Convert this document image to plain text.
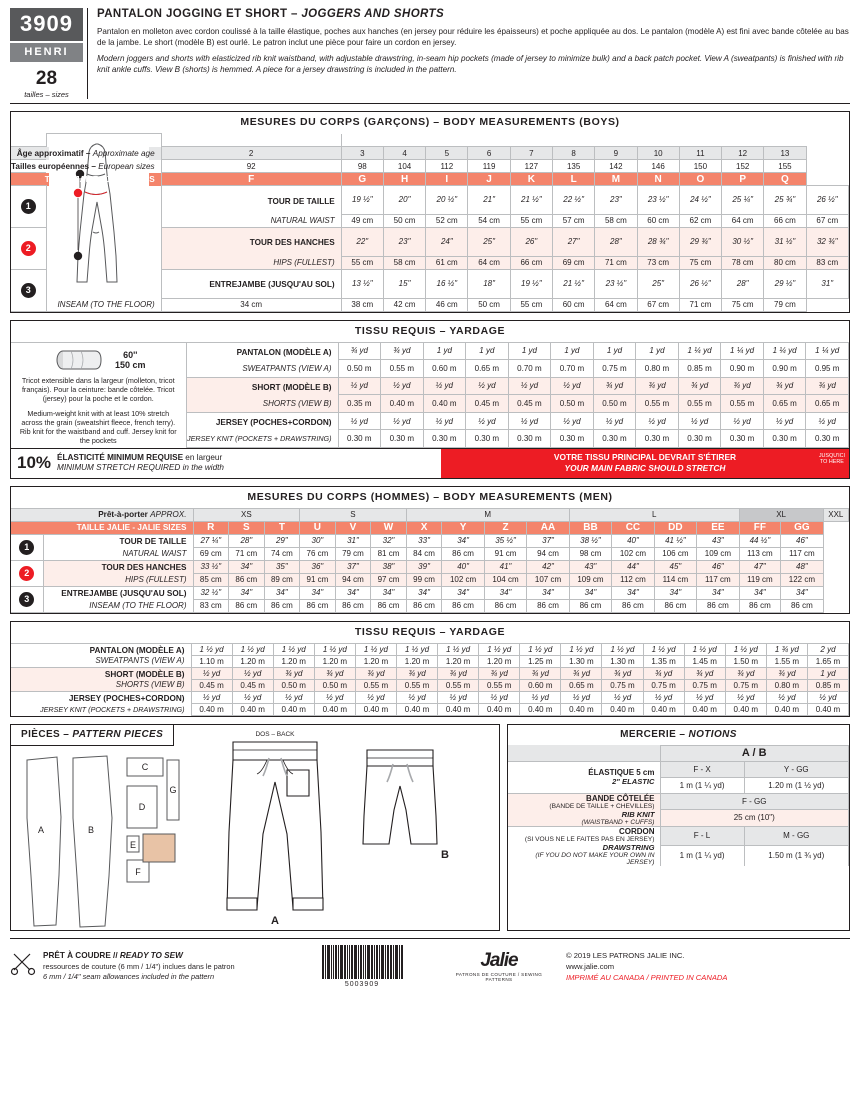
3909
HENRI
28
tailles – sizes
PANTALON JOGGING ET SHORT – JOGGERS AND SHORTS
Pantalon en molleton avec cordon coulissé à la taille élastique, poches aux hanches (en jersey pour réduire les épaisseurs) et poche appliquée au dos. Le pantalon (modèle A) est fini avec bande côtelée au bas de la jambe. Le short (modèle B) est ourlé. Le patron inclut une pièce pour faire un cordon en jersey.
Modern joggers and shorts with elasticized rib knit waistband, with adjustable drawstring, in-seam hip pockets (made of jersey to minimize bulk) and a back patch pocket. View A (sweatpants) is finished with rib knit ankle cuffs. View B (shorts) is hemmed. A piece for a jersey drawstring is included in the pattern.
MESURES DU CORPS (GARÇONS) – BODY MEASUREMENTS (BOYS)

Âge approximatif – Approximate age		2	3	4	5	6	7	8	9	10	11	12	13	
Tailles européennes – European sizes		92	98	104	112	119	127	135	142	146	150	152	155	
TAILLE JALIE - JALIE SIZES		F	G	H	I	J	K	L	M	N	O	P	Q	
1		TOUR DE TAILLE	19 ½"	20"	20 ½"	21"	21 ½"	22 ½"	23"	23 ½"	24 ½"	25 ¼"	25 ¾"	26 ½"

		NATURAL WAIST	49 cm	50 cm	52 cm	54 cm	55 cm	57 cm	58 cm	60 cm	62 cm	64 cm	66 cm	67 cm
2		TOUR DES HANCHES	22"	23"	24"	25"	26"	27"	28"	28 ¾"	29 ¾"	30 ½"	31 ½"	32 ¾"

		HIPS (FULLEST)	55 cm	58 cm	61 cm	64 cm	66 cm	69 cm	71 cm	73 cm	75 cm	78 cm	80 cm	83 cm
3		ENTREJAMBE (JUSQU'AU SOL)	13 ½"	15"	16 ½"	18"	19 ½"	21 ½"	23 ½"	25"	26 ½"	28"	29 ½"	31"

	INSEAM (TO THE FLOOR)	34 cm	38 cm	42 cm	46 cm	50 cm	55 cm	60 cm	64 cm	67 cm	71 cm	75 cm	79 cm	
TISSU REQUIS – YARDAGE
60''
150 cm
Tricot extensible dans la largeur (molleton, tricot français). Pour la ceinture: bande côtelée. Tricot (jersey) pour la poche et le cordon.
Medium-weight knit with at least 10% stretch across the grain (sweatshirt fleece, french terry). Rib knit for the waistband and cuff. Jersey knit for the pockets	PANTALON (MODÈLE A)	¾ yd	¾ yd	1 yd	1 yd	1 yd	1 yd	1 yd	1 yd	1 ¼ yd	1 ¼ yd	1 ¼ yd	1 ¼ yd

	SWEATPANTS (VIEW A)	0.50 m	0.55 m	0.60 m	0.65 m	0.70 m	0.70 m	0.75 m	0.80 m	0.85 m	0.90 m	0.90 m	0.95 m
	SHORT (MODÈLE B)	½ yd	½ yd	½ yd	½ yd	½ yd	½ yd	¾ yd	¾ yd	¾ yd	¾ yd	¾ yd	¾ yd

	SHORTS (VIEW B)	0.35 m	0.40 m	0.40 m	0.45 m	0.45 m	0.50 m	0.50 m	0.55 m	0.55 m	0.55 m	0.65 m	0.65 m
	JERSEY (POCHES+CORDON)	½ yd	½ yd	½ yd	½ yd	½ yd	½ yd	½ yd	½ yd	½ yd	½ yd	½ yd	½ yd

	JERSEY KNIT (POCKETS + DRAWSTRING)	0.30 m	0.30 m	0.30 m	0.30 m	0.30 m	0.30 m	0.30 m	0.30 m	0.30 m	0.30 m	0.30 m	0.30 m
10% ÉLASTICITÉ MINIMUM REQUISE en largeur
MINIMUM STRETCH REQUIRED in the width
VOTRE TISSU PRINCIPAL DEVRAIT S'ÉTIRER
YOUR MAIN FABRIC SHOULD STRETCH
JUSQU'ICI
TO HERE
MESURES DU CORPS (HOMMES) – BODY MEASUREMENTS (MEN)
Prêt-à-porter APPROX.		XS			S			M				L				XL		XXL
TAILLE JALIE - JALIE SIZES		R	S	T	U	V	W	X	Y	Z	AA	BB	CC	DD	EE	FF	GG	
1	TOUR DE TAILLE	27 ¼"	28"	29"	30"	31"	32"	33"	34"	35 ½"	37"	38 ½"	40"	41 ½"	43"	44 ½"	46"	

	NATURAL WAIST	69 cm	71 cm	74 cm	76 cm	79 cm	81 cm	84 cm	86 cm	91 cm	94 cm	98 cm	102 cm	106 cm	109 cm	113 cm	117 cm	
2	TOUR DES HANCHES	33 ½"	34"	35"	36"	37"	38"	39"	40"	41"	42"	43"	44"	45"	46"	47"	48"	

	HIPS (FULLEST)	85 cm	86 cm	89 cm	91 cm	94 cm	97 cm	99 cm	102 cm	104 cm	107 cm	109 cm	112 cm	114 cm	117 cm	119 cm	122 cm	
3	ENTREJAMBE (JUSQU'AU SOL)	32 ½"	34"	34"	34"	34"	34"	34"	34"	34"	34"	34"	34"	34"	34"	34"	34"	

	INSEAM (TO THE FLOOR)	83 cm	86 cm	86 cm	86 cm	86 cm	86 cm	86 cm	86 cm	86 cm	86 cm	86 cm	86 cm	86 cm	86 cm	86 cm	86 cm	
TISSU REQUIS – YARDAGE
PANTALON (MODÈLE A)	1 ½ yd	1 ½ yd	1 ½ yd	1 ½ yd	1 ½ yd	1 ½ yd	1 ½ yd	1 ½ yd	1 ½ yd	1 ½ yd	1 ½ yd	1 ½ yd	1 ½ yd	1 ½ yd	1 ¾ yd	2 yd

SWEATPANTS (VIEW A)	1.10 m	1.20 m	1.20 m	1.20 m	1.20 m	1.20 m	1.20 m	1.20 m	1.25 m	1.30 m	1.30 m	1.35 m	1.45 m	1.50 m	1.55 m	1.65 m
SHORT (MODÈLE B)	½ yd	½ yd	¾ yd	¾ yd	¾ yd	¾ yd	¾ yd	¾ yd	¾ yd	¾ yd	¾ yd	¾ yd	¾ yd	¾ yd	¾ yd	1 yd

SHORTS (VIEW B)	0.45 m	0.45 m	0.50 m	0.50 m	0.55 m	0.55 m	0.55 m	0.55 m	0.60 m	0.65 m	0.75 m	0.75 m	0.75 m	0.75 m	0.80 m	0.85 m
JERSEY (POCHES+CORDON)	½ yd	½ yd	½ yd	½ yd	½ yd	½ yd	½ yd	½ yd	½ yd	½ yd	½ yd	½ yd	½ yd	½ yd	½ yd	½ yd

JERSEY KNIT (POCKETS + DRAWSTRING)	0.40 m	0.40 m	0.40 m	0.40 m	0.40 m	0.40 m	0.40 m	0.40 m	0.40 m	0.40 m	0.40 m	0.40 m	0.40 m	0.40 m	0.40 m	0.40 m
PIÈCES – PATTERN PIECES
A	B
C
D
E
F
G
DOS – BACK
A
B
MERCERIE – NOTIONS
	A / B	
ÉLASTIQUE 5 cm
2" ELASTIC	F - X	Y - GG
	1 m (1 ¼ yd)	1.20 m (1 ½ yd)
BANDE CÔTELÉE
(BANDE DE TAILLE + CHEVILLES)
RIB KNIT
(WAISTBAND + CUFFS)	F - GG	
	25 cm (10")	
CORDON
(SI VOUS NE LE FAITES PAS EN JERSEY)
DRAWSTRING
(IF YOU DO NOT MAKE YOUR OWN IN JERSEY)	F - L	M - GG
	1 m (1 ¼ yd)	1.50 m (1 ¾ yd)
PRÊT À COUDRE // READY TO SEW
ressources de couture (6 mm / 1/4") inclues dans le patron
6 mm / 1/4" seam allowances included in the pattern
5003909
Jalie
PATRONS DE COUTURE / SEWING PATTERNS
© 2019 LES PATRONS JALIE INC.
www.jalie.com
IMPRIMÉ AU CANADA / PRINTED IN CANADA
